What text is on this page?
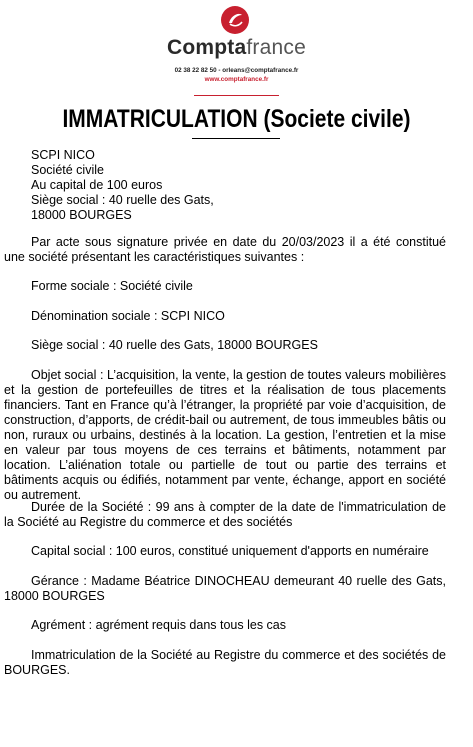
Comptafrance
02 38 22 82 50 - orleans@comptafrance.fr
www.comptafrance.fr
IMMATRICULATION (Societe civile)
SCPI NICO
Société civile
Au capital de 100 euros
Siège social : 40 ruelle des Gats,
18000 BOURGES

Par acte sous signature privée en date du 20/03/2023 il a été constitué une société présentant les caractéristiques suivantes :

Forme sociale : Société civile

Dénomination sociale : SCPI NICO

Siège social : 40 ruelle des Gats, 18000 BOURGES

Objet social : L’acquisition, la vente, la gestion de toutes valeurs mobilières et la gestion de portefeuilles de titres et la réalisation de tous placements financiers. Tant en France qu’à l’étranger, la propriété par voie d’acquisition, de construction, d’apports, de crédit-bail ou autrement, de tous immeubles bâtis ou non, ruraux ou urbains, destinés à la location. La gestion, l’entretien et la mise en valeur par tous moyens de ces terrains et bâtiments, notamment par location. L’aliénation totale ou partielle de tout ou partie des terrains et bâtiments acquis ou édifiés, notamment par vente, échange, apport en société ou autrement.

Durée de la Société : 99 ans à compter de la date de l'immatriculation de la Société au Registre du commerce et des sociétés

Capital social : 100 euros, constitué uniquement d'apports en numéraire

Gérance : Madame Béatrice DINOCHEAU demeurant 40 ruelle des Gats, 18000 BOURGES

Agrément : agrément requis dans tous les cas

Immatriculation de la Société au Registre du commerce et des sociétés de BOURGES.
